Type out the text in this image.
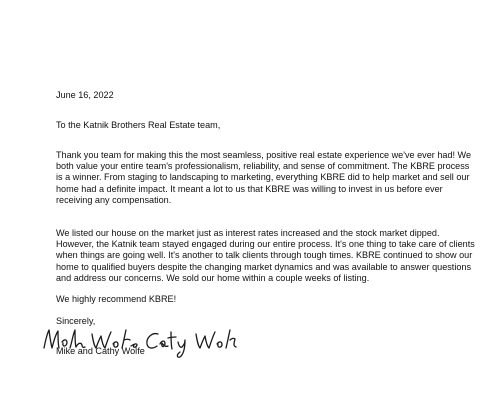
June 16, 2022

To the Katnik Brothers Real Estate team,

Thank you team for making this the most seamless, positive real estate experience we've ever had! We both value your entire team's professionalism, reliability, and sense of commitment. The KBRE process is a winner. From staging to landscaping to marketing, everything KBRE did to help market and sell our home had a definite impact. It meant a lot to us that KBRE was willing to invest in us before ever receiving any compensation.

We listed our house on the market just as interest rates increased and the stock market dipped. However, the Katnik team stayed engaged during our entire process. It's one thing to take care of clients when things are going well. It's another to talk clients through tough times. KBRE continued to show our home to qualified buyers despite the changing market dynamics and was available to answer questions and address our concerns. We sold our home within a couple weeks of listing.

We highly recommend KBRE!

Sincerely,

Mike and Cathy Wolfe
